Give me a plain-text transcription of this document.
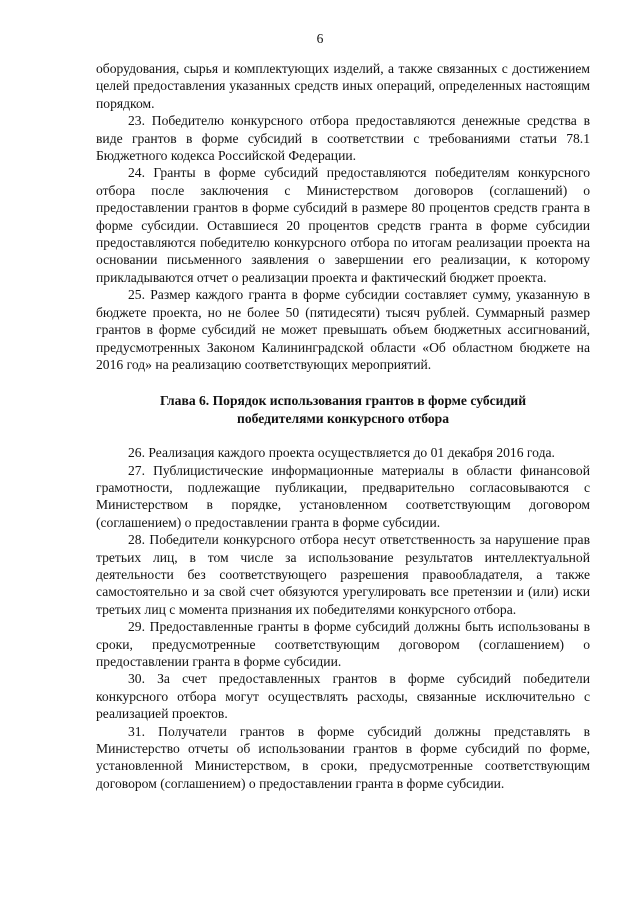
6

оборудования, сырья и комплектующих изделий, а также связанных с достижением целей предоставления указанных средств иных операций, определенных настоящим порядком.

23. Победителю конкурсного отбора предоставляются денежные средства в виде грантов в форме субсидий в соответствии с требованиями статьи 78.1 Бюджетного кодекса Российской Федерации.

24. Гранты в форме субсидий предоставляются победителям конкурсного отбора после заключения с Министерством договоров (соглашений) о предоставлении грантов в форме субсидий в размере 80 процентов средств гранта в форме субсидии. Оставшиеся 20 процентов средств гранта в форме субсидии предоставляются победителю конкурсного отбора по итогам реализации проекта на основании письменного заявления о завершении его реализации, к которому прикладываются отчет о реализации проекта и фактический бюджет проекта.

25. Размер каждого гранта в форме субсидии составляет сумму, указанную в бюджете проекта, но не более 50 (пятидесяти) тысяч рублей. Суммарный размер грантов в форме субсидий не может превышать объем бюджетных ассигнований, предусмотренных Законом Калининградской области «Об областном бюджете на 2016 год» на реализацию соответствующих мероприятий.

Глава 6. Порядок использования грантов в форме субсидий
победителями конкурсного отбора

26. Реализация каждого проекта осуществляется до 01 декабря 2016 года.

27. Публицистические информационные материалы в области финансовой грамотности, подлежащие публикации, предварительно согласовываются с Министерством в порядке, установленном соответствующим договором (соглашением) о предоставлении гранта в форме субсидии.

28. Победители конкурсного отбора несут ответственность за нарушение прав третьих лиц, в том числе за использование результатов интеллектуальной деятельности без соответствующего разрешения правообладателя, а также самостоятельно и за свой счет обязуются урегулировать все претензии и (или) иски третьих лиц с момента признания их победителями конкурсного отбора.

29. Предоставленные гранты в форме субсидий должны быть использованы в сроки, предусмотренные соответствующим договором (соглашением) о предоставлении гранта в форме субсидии.

30. За счет предоставленных грантов в форме субсидий победители конкурсного отбора могут осуществлять расходы, связанные исключительно с реализацией проектов.

31. Получатели грантов в форме субсидий должны представлять в Министерство отчеты об использовании грантов в форме субсидий по форме, установленной Министерством, в сроки, предусмотренные соответствующим договором (соглашением) о предоставлении гранта в форме субсидии.
